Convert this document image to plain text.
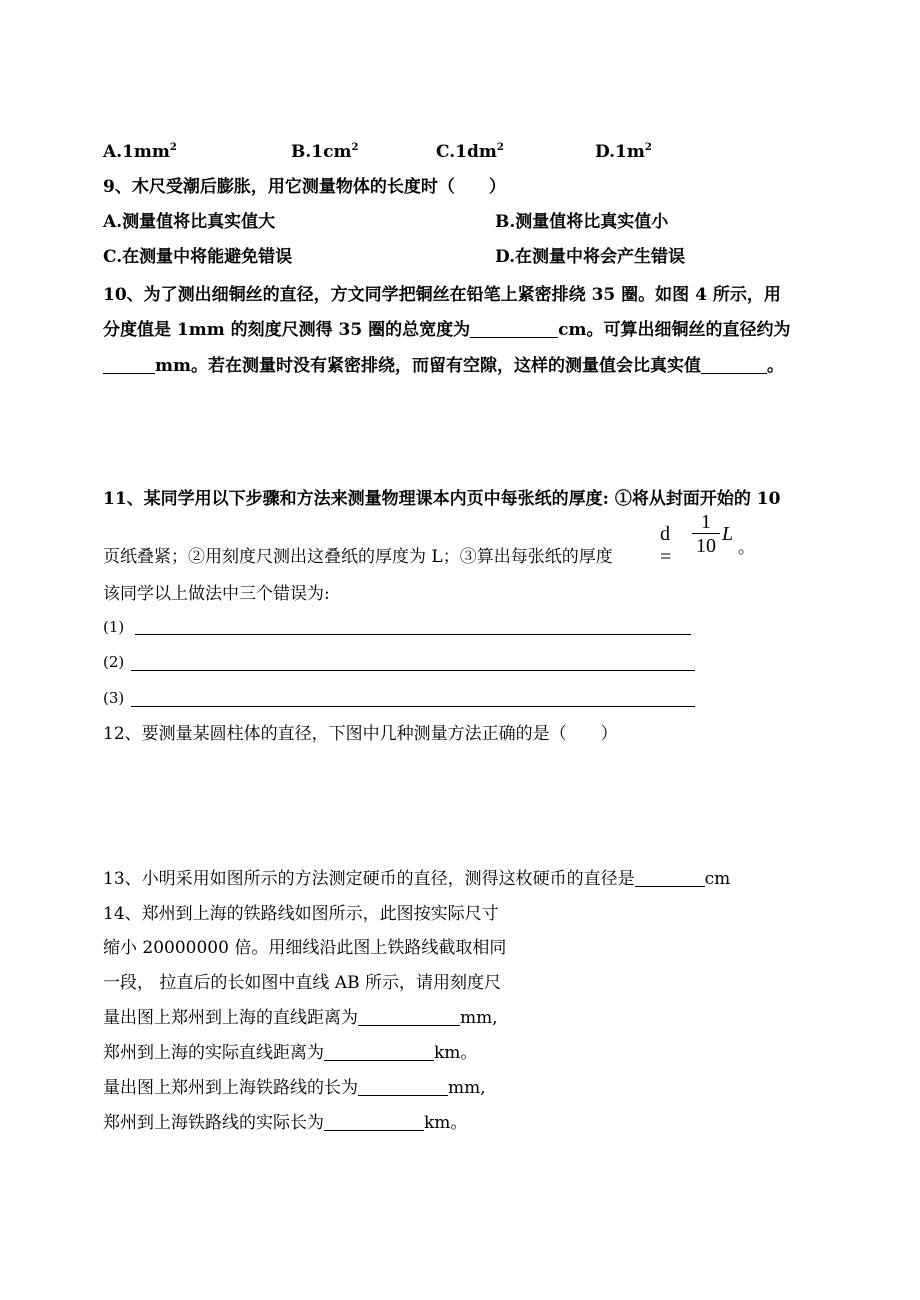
$A.1mm^2$	$B.1cm^2$	$C.1dm^2$	$D.1m^2$
9、木尺受潮后膨胀，用它测量物体的长度时（　　）
A.测量值将比真实值大	B.测量值将比真实值小
C.在测量中将能避免错误	D.在测量中将会产生错误
10、为了测出细铜丝的直径，方文同学把铜丝在铅笔上紧密排绕 35 圈。如图 4 所示，用
分度值是 1mm 的刻度尺测得 35 圈的总宽度为	cm。可算出细铜丝的直径约为
mm。若在测量时没有紧密排绕，而留有空隙，这样的测量值会比真实值	。
11、某同学用以下步骤和方法来测量物理课本内页中每张纸的厚度: ①将从封面开始的 10
页纸叠紧；②用刻度尺测出这叠纸的厚度为 L；③算出每张纸的厚度
d =
1
10
L
。
该同学以上做法中三个错误为:
(1)
(2)
(3)
12、要测量某圆柱体的直径，下图中几种测量方法正确的是（　　）
13、小明采用如图所示的方法测定硬币的直径，测得这枚硬币的直径是	cm
14、郑州到上海的铁路线如图所示，此图按实际尺寸
缩小 20000000 倍。用细线沿此图上铁路线截取相同
一段， 拉直后的长如图中直线 AB 所示，请用刻度尺
量出图上郑州到上海的直线距离为	mm,
郑州到上海的实际直线距离为	km。
量出图上郑州到上海铁路线的长为	mm,
郑州到上海铁路线的实际长为	km。
